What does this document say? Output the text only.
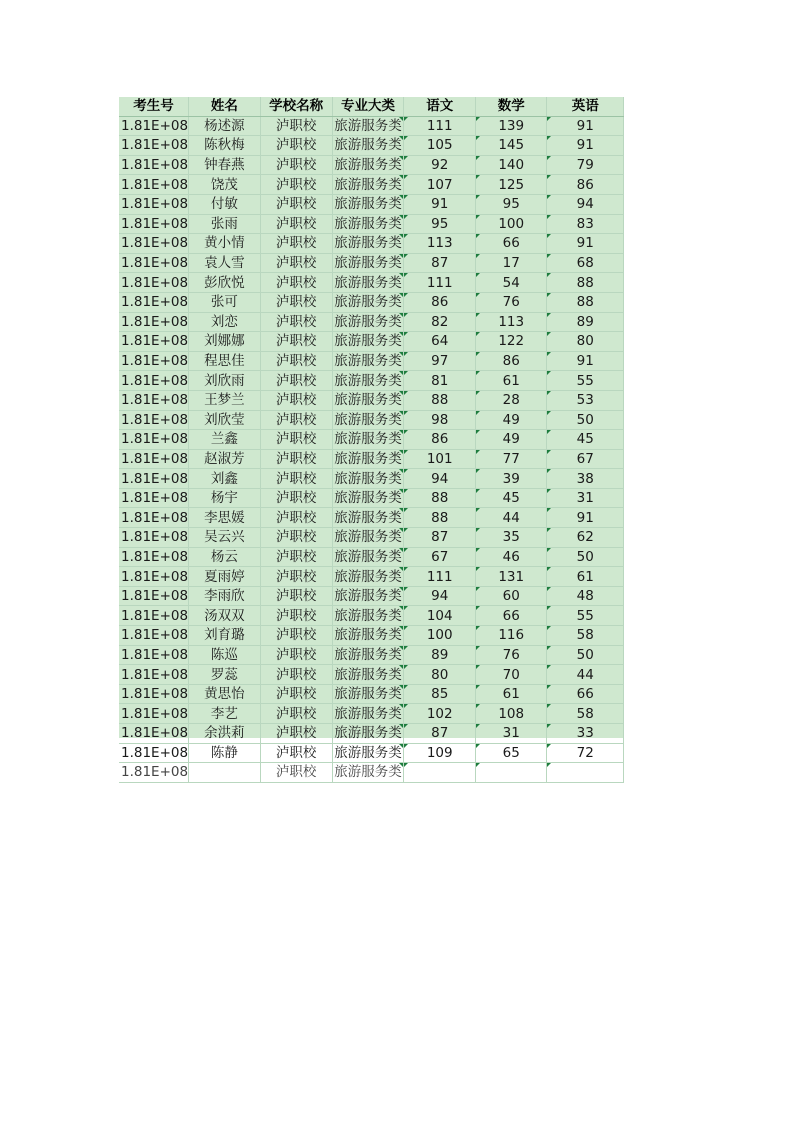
考生号	姓名	学校名称	专业大类	语文	数学	英语
1.81E+08	杨述源	泸职校	旅游服务类	111	139	91
1.81E+08	陈秋梅	泸职校	旅游服务类	105	145	91
1.81E+08	钟春燕	泸职校	旅游服务类	92	140	79
1.81E+08	饶茂	泸职校	旅游服务类	107	125	86
1.81E+08	付敏	泸职校	旅游服务类	91	95	94
1.81E+08	张雨	泸职校	旅游服务类	95	100	83
1.81E+08	黄小情	泸职校	旅游服务类	113	66	91
1.81E+08	袁人雪	泸职校	旅游服务类	87	17	68
1.81E+08	彭欣悦	泸职校	旅游服务类	111	54	88
1.81E+08	张可	泸职校	旅游服务类	86	76	88
1.81E+08	刘恋	泸职校	旅游服务类	82	113	89
1.81E+08	刘娜娜	泸职校	旅游服务类	64	122	80
1.81E+08	程思佳	泸职校	旅游服务类	97	86	91
1.81E+08	刘欣雨	泸职校	旅游服务类	81	61	55
1.81E+08	王梦兰	泸职校	旅游服务类	88	28	53
1.81E+08	刘欣莹	泸职校	旅游服务类	98	49	50
1.81E+08	兰鑫	泸职校	旅游服务类	86	49	45
1.81E+08	赵淑芳	泸职校	旅游服务类	101	77	67
1.81E+08	刘鑫	泸职校	旅游服务类	94	39	38
1.81E+08	杨宇	泸职校	旅游服务类	88	45	31
1.81E+08	李思媛	泸职校	旅游服务类	88	44	91
1.81E+08	吴云兴	泸职校	旅游服务类	87	35	62
1.81E+08	杨云	泸职校	旅游服务类	67	46	50
1.81E+08	夏雨婷	泸职校	旅游服务类	111	131	61
1.81E+08	李雨欣	泸职校	旅游服务类	94	60	48
1.81E+08	汤双双	泸职校	旅游服务类	104	66	55
1.81E+08	刘育璐	泸职校	旅游服务类	100	116	58
1.81E+08	陈巡	泸职校	旅游服务类	89	76	50
1.81E+08	罗蕊	泸职校	旅游服务类	80	70	44
1.81E+08	黄思怡	泸职校	旅游服务类	85	61	66
1.81E+08	李艺	泸职校	旅游服务类	102	108	58
1.81E+08	余洪莉	泸职校	旅游服务类	87	31	33
1.81E+08	陈静	泸职校	旅游服务类	109	65	72
1.81E+08		泸职校	旅游服务类			
